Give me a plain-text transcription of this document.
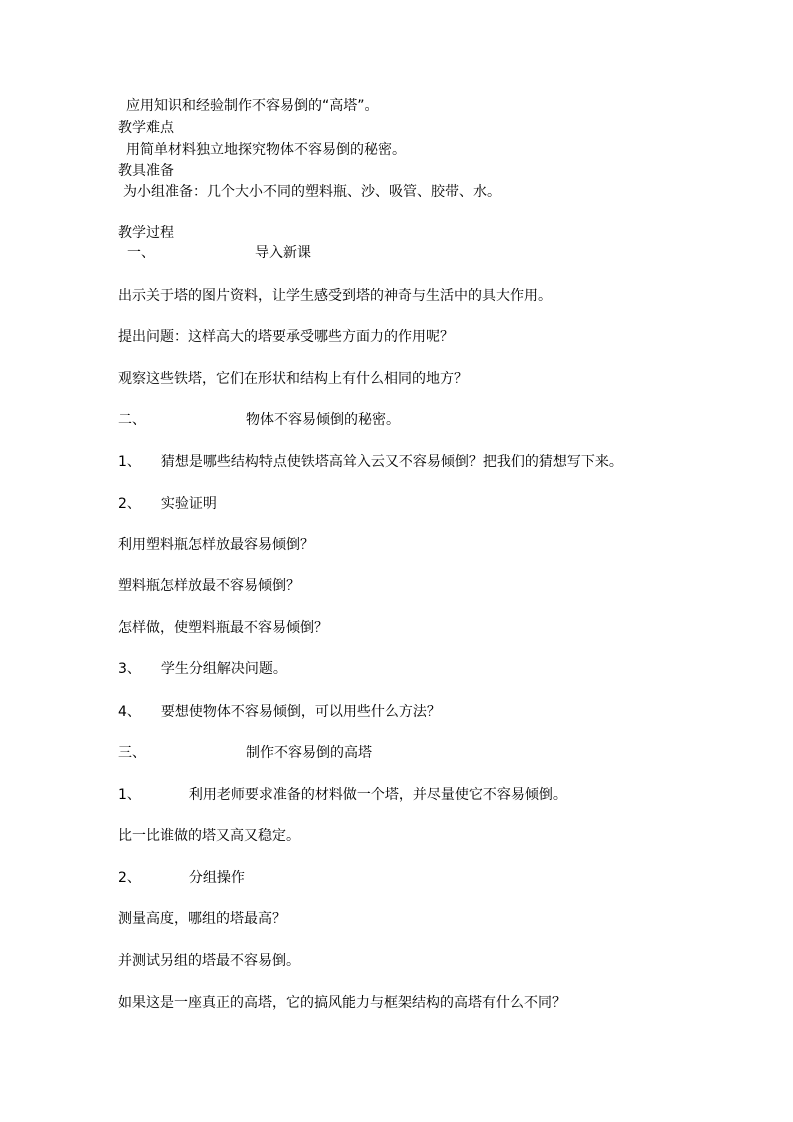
应用知识和经验制作不容易倒的“高塔”。
教学难点
用简单材料独立地探究物体不容易倒的秘密。
教具准备
为小组准备：几个大小不同的塑料瓶、沙、吸管、胶带、水。
教学过程
一、	导入新课
出示关于塔的图片资料，让学生感受到塔的神奇与生活中的具大作用。
提出问题：这样高大的塔要承受哪些方面力的作用呢？
观察这些铁塔，它们在形状和结构上有什么相同的地方？
二、	物体不容易倾倒的秘密。
1、 猜想是哪些结构特点使铁塔高耸入云又不容易倾倒？把我们的猜想写下来。
2、 实验证明
利用塑料瓶怎样放最容易倾倒？
塑料瓶怎样放最不容易倾倒？
怎样做，使塑料瓶最不容易倾倒？
3、 学生分组解决问题。
4、 要想使物体不容易倾倒，可以用些什么方法？
三、	制作不容易倒的高塔
1、	利用老师要求准备的材料做一个塔，并尽量使它不容易倾倒。
比一比谁做的塔又高又稳定。
2、	分组操作
测量高度，哪组的塔最高？
并测试另组的塔最不容易倒。
如果这是一座真正的高塔，它的搞风能力与框架结构的高塔有什么不同？
